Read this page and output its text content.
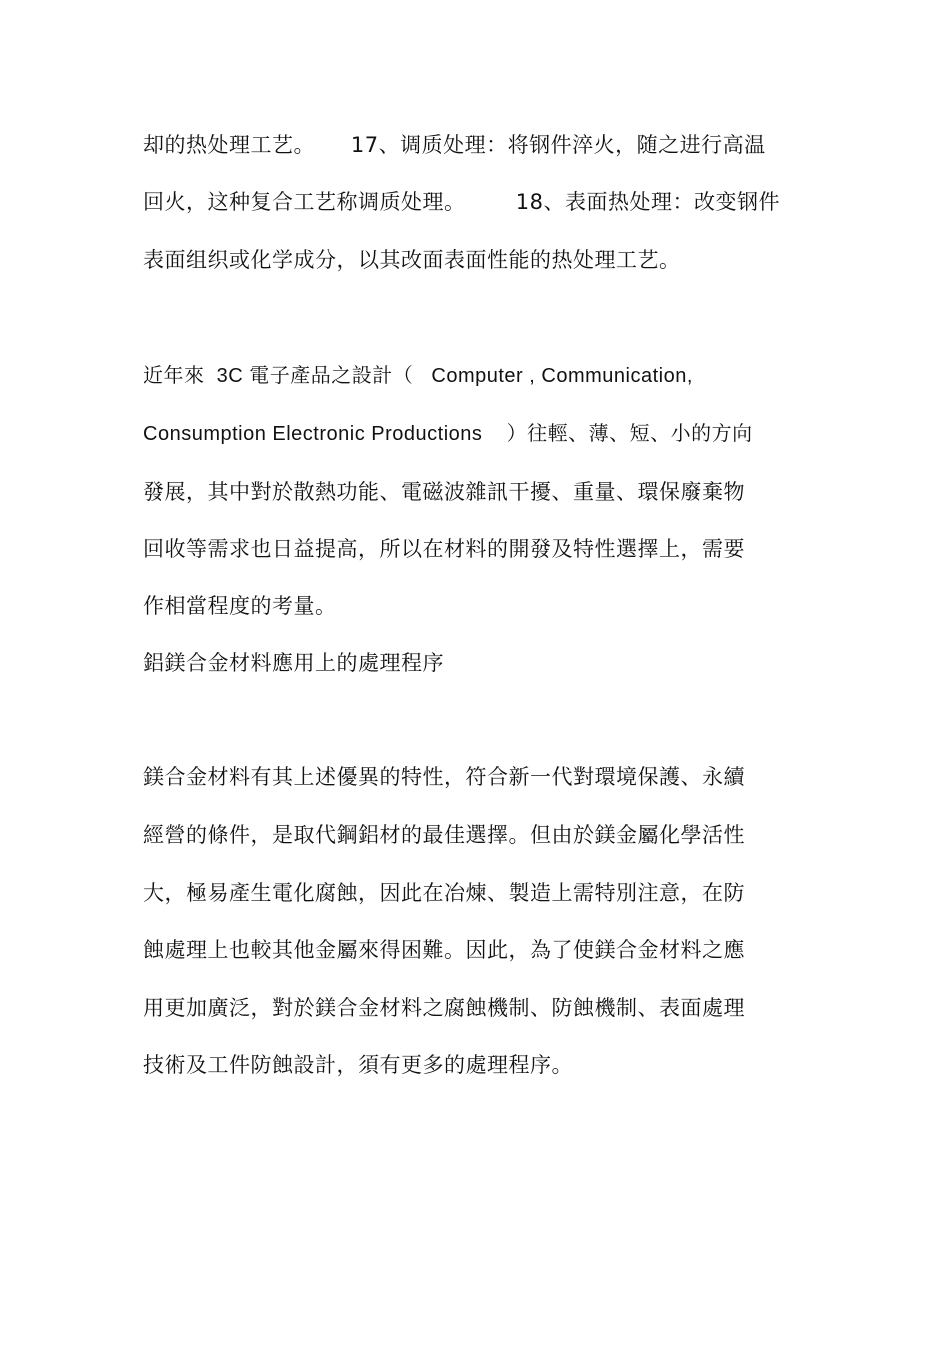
却的热处理工艺。     17、调质处理：将钢件淬火，随之进行高温
回火，这种复合工艺称调质处理。       18、表面热处理：改变钢件
表面组织或化学成分，以其改面表面性能的热处理工艺。
近年來  3C 電子產品之設計（   Computer , Communication,
Consumption Electronic Productions    ）往輕、薄、短、小的方向
發展，其中對於散熱功能、電磁波雜訊干擾、重量、環保廢棄物
回收等需求也日益提高，所以在材料的開發及特性選擇上，需要
作相當程度的考量。
鋁鎂合金材料應用上的處理程序
鎂合金材料有其上述優異的特性，符合新一代對環境保護、永續
經營的條件，是取代鋼鋁材的最佳選擇。但由於鎂金屬化學活性
大，極易產生電化腐蝕，因此在冶煉、製造上需特別注意，在防
蝕處理上也較其他金屬來得困難。因此，為了使鎂合金材料之應
用更加廣泛，對於鎂合金材料之腐蝕機制、防蝕機制、表面處理
技術及工件防蝕設計，須有更多的處理程序。
